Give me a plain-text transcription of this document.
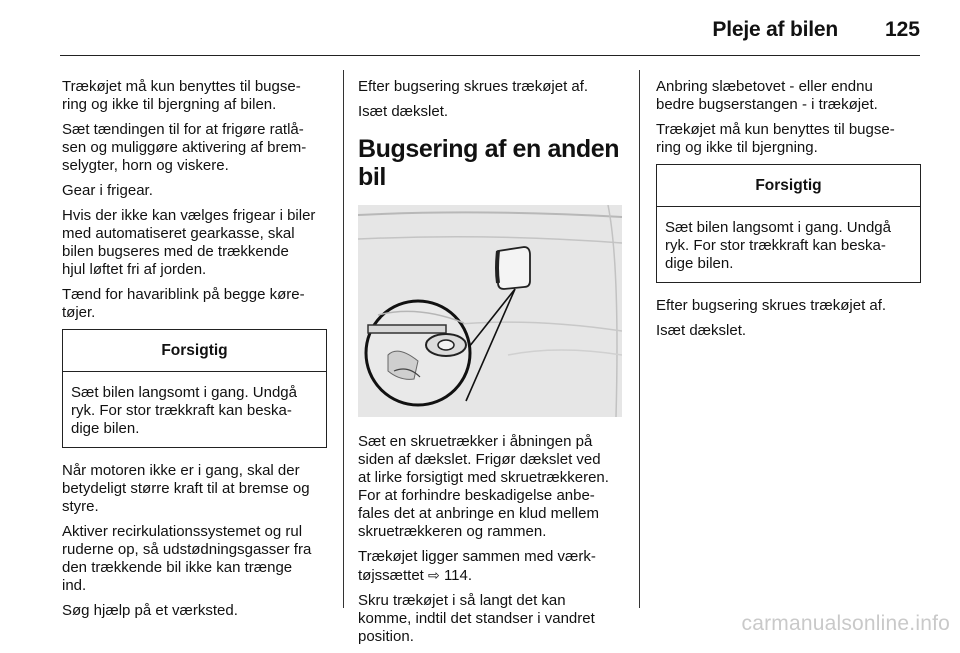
Pleje af bilen 125

Trækøjet må kun benyttes til bugse-
ring og ikke til bjergning af bilen.

Sæt tændingen til for at frigøre ratlå-
sen og muliggøre aktivering af brem-
selygter, horn og viskere.

Gear i frigear.

Hvis der ikke kan vælges frigear i biler
med automatiseret gearkasse, skal
bilen bugseres med de trækkende
hjul løftet fri af jorden.

Tænd for havariblink på begge køre-
tøjer.

Forsigtig
Sæt bilen langsomt i gang. Undgå
ryk. For stor trækkraft kan beska-
dige bilen.

Når motoren ikke er i gang, skal der
betydeligt større kraft til at bremse og
styre.

Aktiver recirkulationssystemet og rul
ruderne op, så udstødningsgasser fra
den trækkende bil ikke kan trænge
ind.

Søg hjælp på et værksted.

Efter bugsering skrues trækøjet af.

Isæt dækslet.

Bugsering af en anden bil

Sæt en skruetrækker i åbningen på
siden af dækslet. Frigør dækslet ved
at lirke forsigtigt med skruetrækkeren.
For at forhindre beskadigelse anbe-
fales det at anbringe en klud mellem
skruetrækkeren og rammen.

Trækøjet ligger sammen med værk-
tøjssættet ⇨ 114.

Skru trækøjet i så langt det kan
komme, indtil det standser i vandret
position.

Anbring slæbetovet - eller endnu
bedre bugserstangen - i trækøjet.

Trækøjet må kun benyttes til bugse-
ring og ikke til bjergning.

Forsigtig
Sæt bilen langsomt i gang. Undgå
ryk. For stor trækkraft kan beska-
dige bilen.

Efter bugsering skrues trækøjet af.

Isæt dækslet.

carmanualsonline.info
